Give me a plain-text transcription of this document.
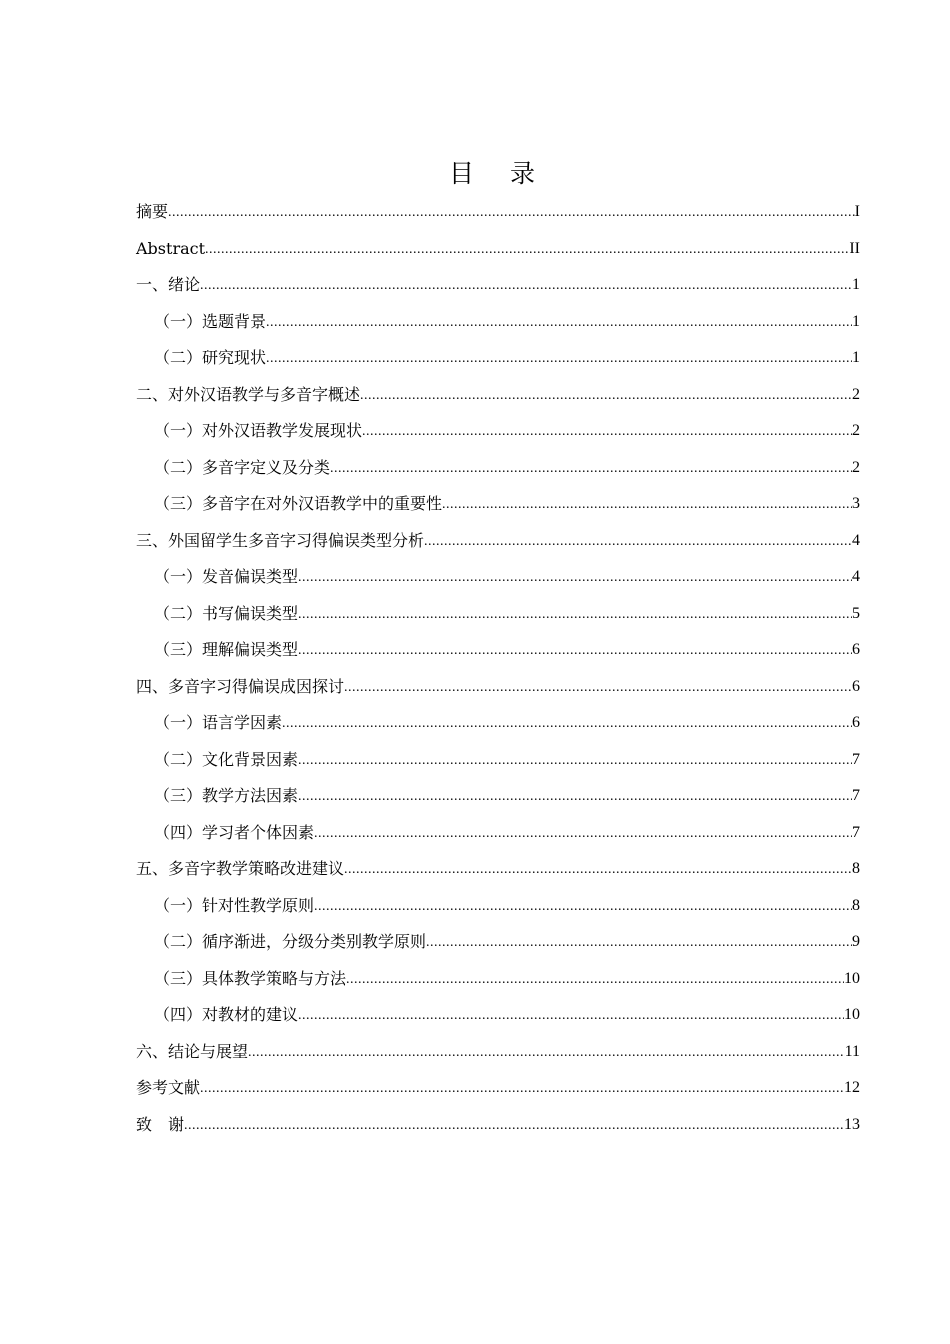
目 录
摘要 .....	I
Abstract .....	II
一、绪论 .....	1
（一）选题背景 .....	1
（二）研究现状 .....	1
二、对外汉语教学与多音字概述 .....	2
（一）对外汉语教学发展现状 .....	2
（二）多音字定义及分类 .....	2
（三）多音字在对外汉语教学中的重要性 .....	3
三、外国留学生多音字习得偏误类型分析 .....	4
（一）发音偏误类型 .....	4
（二）书写偏误类型 .....	5
（三）理解偏误类型 .....	6
四、多音字习得偏误成因探讨 .....	6
（一）语言学因素 .....	6
（二）文化背景因素 .....	7
（三）教学方法因素 .....	7
（四）学习者个体因素 .....	7
五、多音字教学策略改进建议 .....	8
（一）针对性教学原则 .....	8
（二）循序渐进，分级分类别教学原则 .....	9
（三）具体教学策略与方法 .....	10
（四）对教材的建议 .....	10
六、结论与展望 .....	11
参考文献 .....	12
致　谢 .....	13
